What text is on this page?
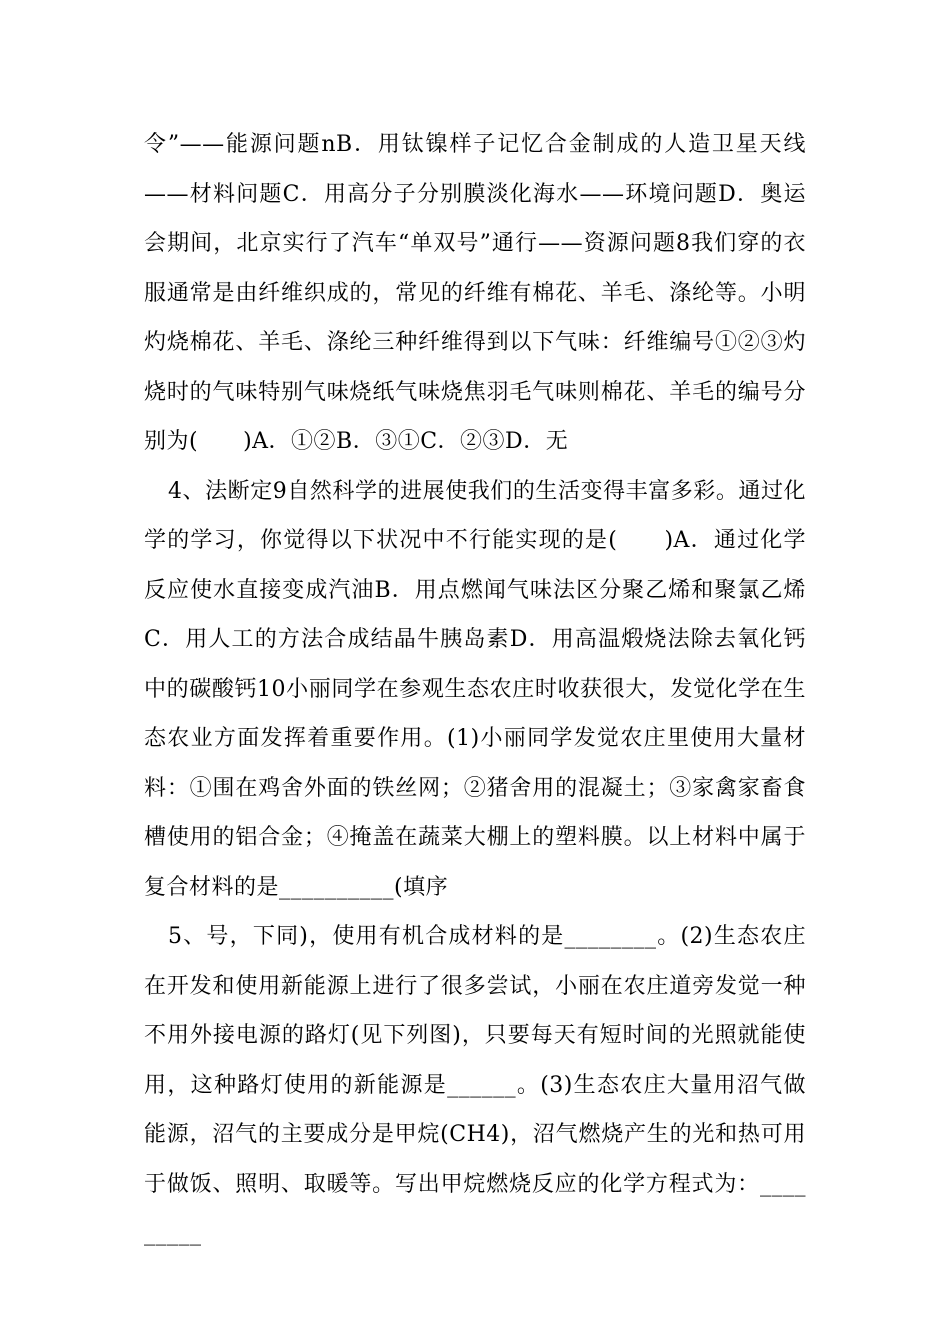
令”——能源问题nB．用钛镍样子记忆合金制成的人造卫星天线——材料问题C．用高分子分别膜淡化海水——环境问题D．奥运会期间，北京实行了汽车“单双号”通行——资源问题8我们穿的衣服通常是由纤维织成的，常见的纤维有棉花、羊毛、涤纶等。小明灼烧棉花、羊毛、涤纶三种纤维得到以下气味：纤维编号①②③灼烧时的气味特别气味烧纸气味烧焦羽毛气味则棉花、羊毛的编号分别为(　　)A．①②B．③①C．②③D．无

4、法断定9自然科学的进展使我们的生活变得丰富多彩。通过化学的学习，你觉得以下状况中不行能实现的是(　　)A．通过化学反应使水直接变成汽油B．用点燃闻气味法区分聚乙烯和聚氯乙烯C．用人工的方法合成结晶牛胰岛素D．用高温煅烧法除去氧化钙中的碳酸钙10小丽同学在参观生态农庄时收获很大，发觉化学在生态农业方面发挥着重要作用。(1)小丽同学发觉农庄里使用大量材料：①围在鸡舍外面的铁丝网；②猪舍用的混凝土；③家禽家畜食槽使用的铝合金；④掩盖在蔬菜大棚上的塑料膜。以上材料中属于复合材料的是__________(填序

5、号，下同)，使用有机合成材料的是________。(2)生态农庄在开发和使用新能源上进行了很多尝试，小丽在农庄道旁发觉一种不用外接电源的路灯(见下列图)，只要每天有短时间的光照就能使用，这种路灯使用的新能源是______。(3)生态农庄大量用沼气做能源，沼气的主要成分是甲烷(CH4)，沼气燃烧产生的光和热可用于做饭、照明、取暖等。写出甲烷燃烧反应的化学方程式为：_________
